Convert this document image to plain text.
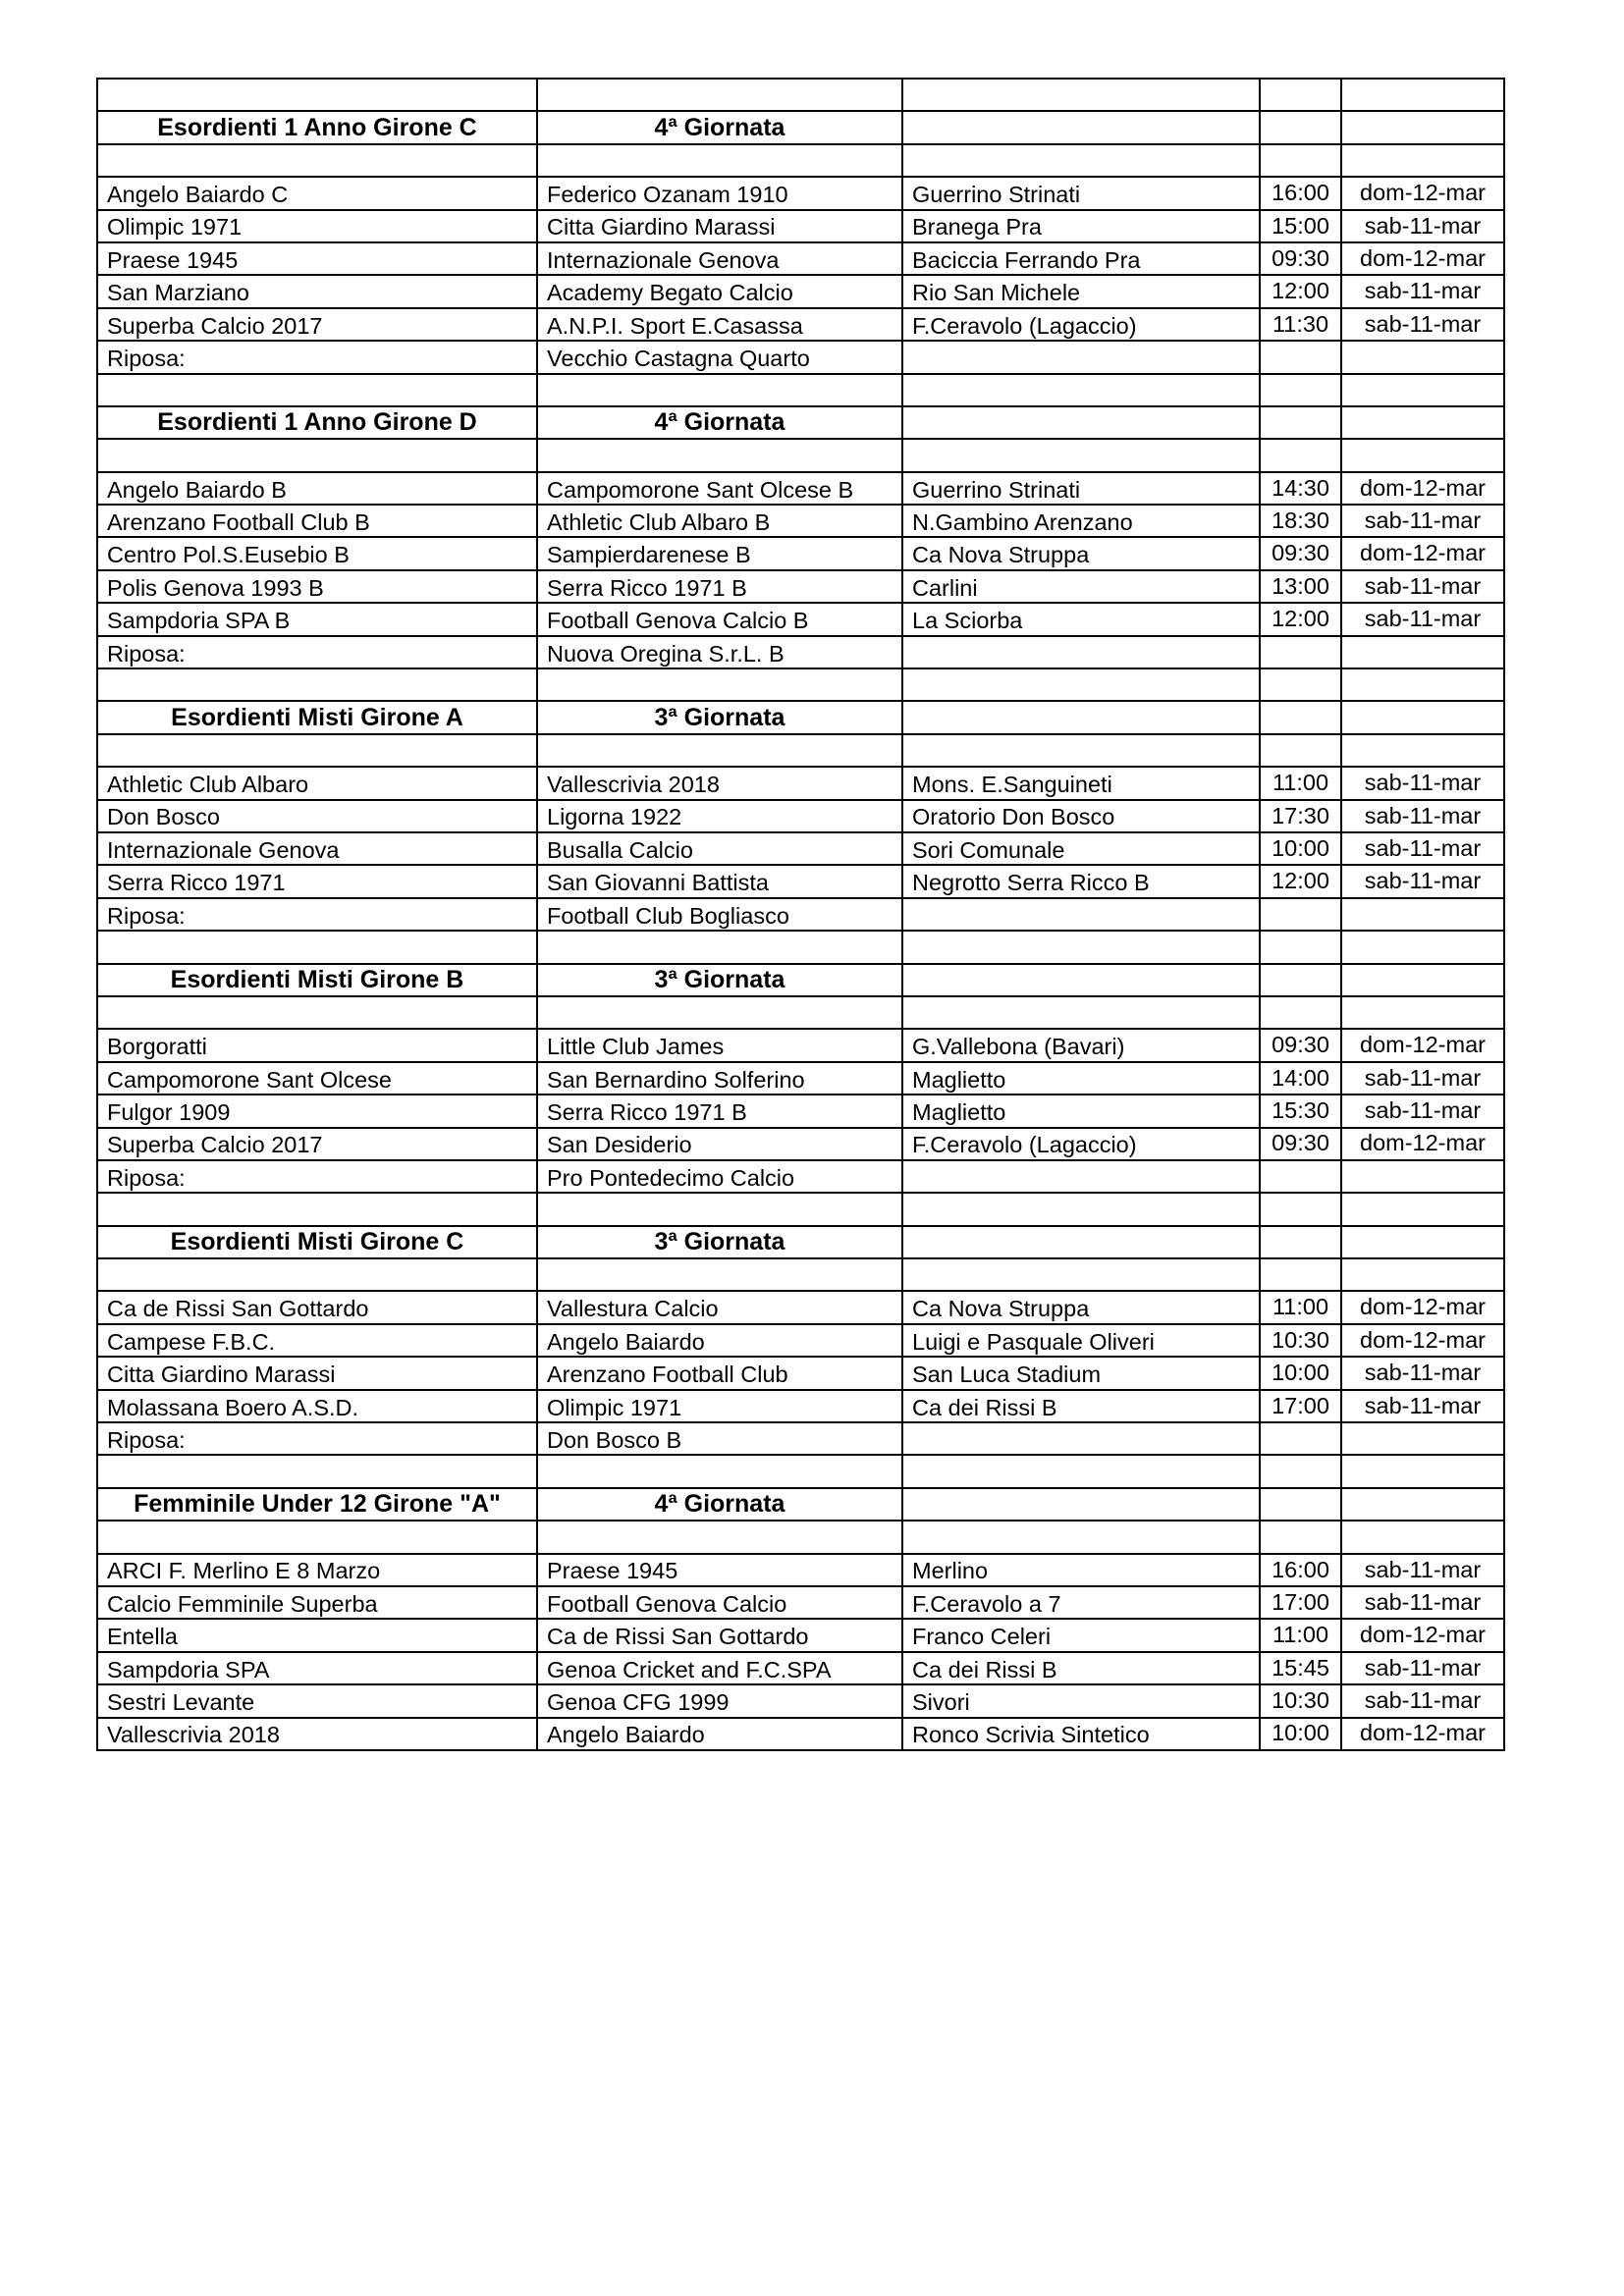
Esordienti 1 Anno Girone C	4ª Giornata			

Angelo Baiardo C	Federico Ozanam 1910	Guerrino Strinati	16:00	dom-12-mar
Olimpic 1971	Citta Giardino Marassi	Branega Pra	15:00	sab-11-mar
Praese 1945	Internazionale Genova	Baciccia Ferrando Pra	09:30	dom-12-mar
San Marziano	Academy Begato Calcio	Rio San Michele	12:00	sab-11-mar
Superba Calcio 2017	A.N.P.I. Sport E.Casassa	F.Ceravolo (Lagaccio)	11:30	sab-11-mar
Riposa:	Vecchio Castagna Quarto			

Esordienti 1 Anno Girone D	4ª Giornata			

Angelo Baiardo B	Campomorone Sant Olcese B	Guerrino Strinati	14:30	dom-12-mar
Arenzano Football Club B	Athletic Club Albaro B	N.Gambino Arenzano	18:30	sab-11-mar
Centro Pol.S.Eusebio B	Sampierdarenese B	Ca Nova Struppa	09:30	dom-12-mar
Polis Genova 1993 B	Serra Ricco 1971 B	Carlini	13:00	sab-11-mar
Sampdoria SPA B	Football Genova Calcio B	La Sciorba	12:00	sab-11-mar
Riposa:	Nuova Oregina S.r.L. B			

Esordienti Misti Girone A	3ª Giornata			

Athletic Club Albaro	Vallescrivia 2018	Mons. E.Sanguineti	11:00	sab-11-mar
Don Bosco	Ligorna 1922	Oratorio Don Bosco	17:30	sab-11-mar
Internazionale Genova	Busalla Calcio	Sori Comunale	10:00	sab-11-mar
Serra Ricco 1971	San Giovanni Battista	Negrotto Serra Ricco B	12:00	sab-11-mar
Riposa:	Football Club Bogliasco			

Esordienti Misti Girone B	3ª Giornata			

Borgoratti	Little Club James	G.Vallebona (Bavari)	09:30	dom-12-mar
Campomorone Sant Olcese	San Bernardino Solferino	Maglietto	14:00	sab-11-mar
Fulgor 1909	Serra Ricco 1971 B	Maglietto	15:30	sab-11-mar
Superba Calcio 2017	San Desiderio	F.Ceravolo (Lagaccio)	09:30	dom-12-mar
Riposa:	Pro Pontedecimo Calcio			

Esordienti Misti Girone C	3ª Giornata			

Ca de Rissi San Gottardo	Vallestura Calcio	Ca Nova Struppa	11:00	dom-12-mar
Campese F.B.C.	Angelo Baiardo	Luigi e Pasquale Oliveri	10:30	dom-12-mar
Citta Giardino Marassi	Arenzano Football Club	San Luca Stadium	10:00	sab-11-mar
Molassana Boero A.S.D.	Olimpic 1971	Ca dei Rissi B	17:00	sab-11-mar
Riposa:	Don Bosco B			

Femminile Under 12 Girone "A"	4ª Giornata			

ARCI F. Merlino E 8 Marzo	Praese 1945	Merlino	16:00	sab-11-mar
Calcio Femminile Superba	Football Genova Calcio	F.Ceravolo a 7	17:00	sab-11-mar
Entella	Ca de Rissi San Gottardo	Franco Celeri	11:00	dom-12-mar
Sampdoria SPA	Genoa Cricket and F.C.SPA	Ca dei Rissi B	15:45	sab-11-mar
Sestri Levante	Genoa CFG 1999	Sivori	10:30	sab-11-mar
Vallescrivia 2018	Angelo Baiardo	Ronco Scrivia Sintetico	10:00	dom-12-mar
